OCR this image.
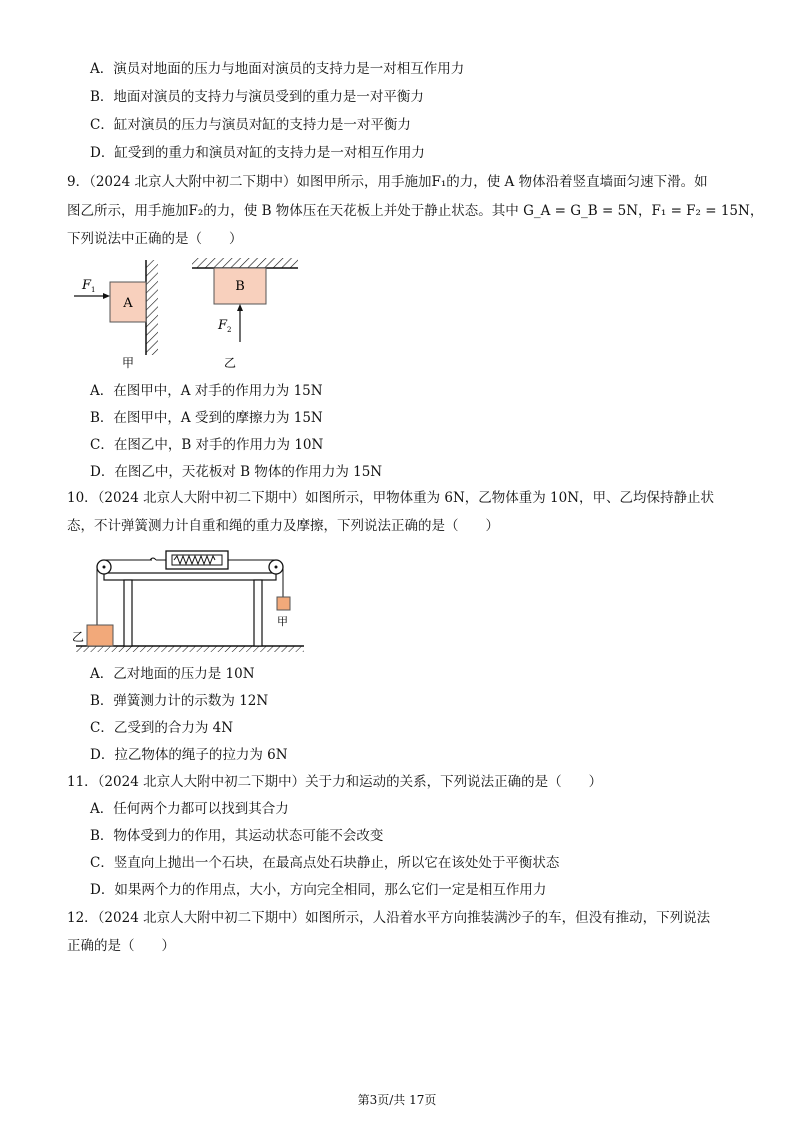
A．演员对地面的压力与地面对演员的支持力是一对相互作用力
B．地面对演员的支持力与演员受到的重力是一对平衡力
C．缸对演员的压力与演员对缸的支持力是一对平衡力
D．缸受到的重力和演员对缸的支持力是一对相互作用力
9．（2024 北京人大附中初二下期中）如图甲所示，用手施加F₁的力，使 A 物体沿着竖直墙面匀速下滑。如
图乙所示，用手施加F₂的力，使 B 物体压在天花板上并处于静止状态。其中 G_A = G_B = 5N，F₁ = F₂ = 15N，
下列说法中正确的是（　　）
A
F 1
甲
B
F 2
乙
A．在图甲中，A 对手的作用力为 15N
B．在图甲中，A 受到的摩擦力为 15N
C．在图乙中，B 对手的作用力为 10N
D．在图乙中，天花板对 B 物体的作用力为 15N
10．（2024 北京人大附中初二下期中）如图所示，甲物体重为 6N，乙物体重为 10N，甲、乙均保持静止状
态，不计弹簧测力计自重和绳的重力及摩擦，下列说法正确的是（　　）
乙
甲
A．乙对地面的压力是 10N
B．弹簧测力计的示数为 12N
C．乙受到的合力为 4N
D．拉乙物体的绳子的拉力为 6N
11．（2024 北京人大附中初二下期中）关于力和运动的关系，下列说法正确的是（　　）
A．任何两个力都可以找到其合力
B．物体受到力的作用，其运动状态可能不会改变
C．竖直向上抛出一个石块，在最高点处石块静止，所以它在该处处于平衡状态
D．如果两个力的作用点，大小，方向完全相同，那么它们一定是相互作用力
12．（2024 北京人大附中初二下期中）如图所示，人沿着水平方向推装满沙子的车，但没有推动，下列说法
正确的是（　　）
第3页/共 17页
